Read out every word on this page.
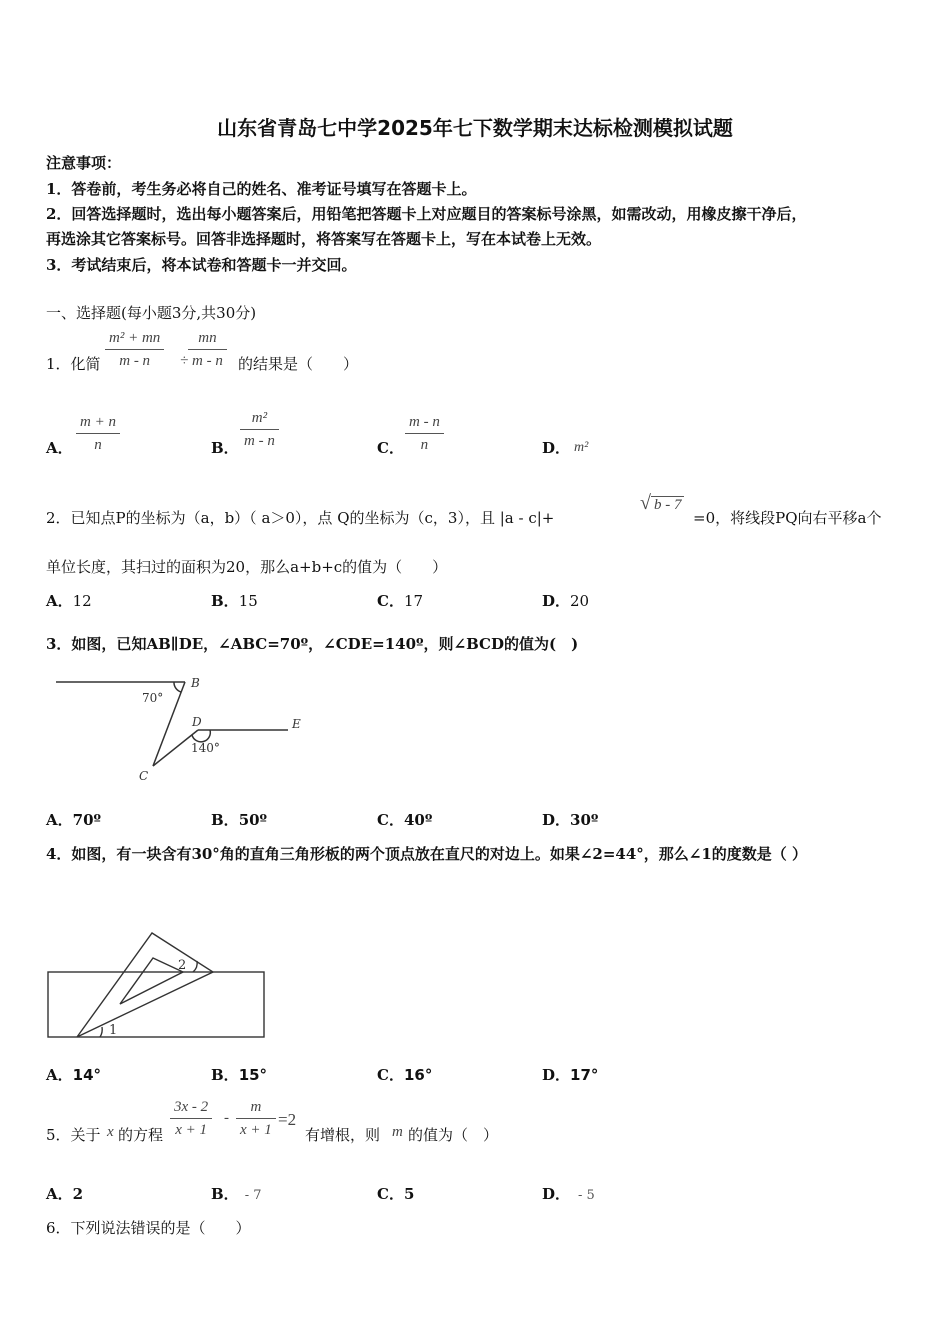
山东省青岛七中学2025年七下数学期末达标检测模拟试题
注意事项：
1．答卷前，考生务必将自己的姓名、准考证号填写在答题卡上。
2．回答选择题时，选出每小题答案后，用铅笔把答题卡上对应题目的答案标号涂黑，如需改动，用橡皮擦干净后，
再选涂其它答案标号。回答非选择题时，将答案写在答题卡上，写在本试卷上无效。
3．考试结束后，将本试卷和答题卡一并交回。
一、选择题(每小题3分,共30分)
1．化简
m² + mn
m - n	÷
mn
m - n 的结果是（　　）
A．
m + n
n	B．
m²
m - n	C．
m - n
n	D． m²
2．已知点P的坐标为（a，b）（ a＞0），点 Q的坐标为（c，3），且 |a - c|+
√ b - 7
=0，将线段PQ向右平移a个
单位长度，其扫过的面积为20，那么a+b+c的值为（　　）
A．12	B．15	C．17	D．20
3．如图，已知AB∥DE，∠ABC=70º，∠CDE=140º，则∠BCD的值为(　)
70°
B
D	E
140°
C
A．70º	B．50º	C．40º	D．30º
4．如图，有一块含有30°角的直角三角形板的两个顶点放在直尺的对边上。如果∠2=44°，那么∠1的度数是（ ）
2
1
A．14°	B．15°	C．16°	D．17°
5．关于 x 的方程
3x - 2
x + 1
-
m
x + 1
=2
有增根，则 m 的值为（　）
A．2	B． - 7	C．5	D． - 5
6．下列说法错误的是（　　）
